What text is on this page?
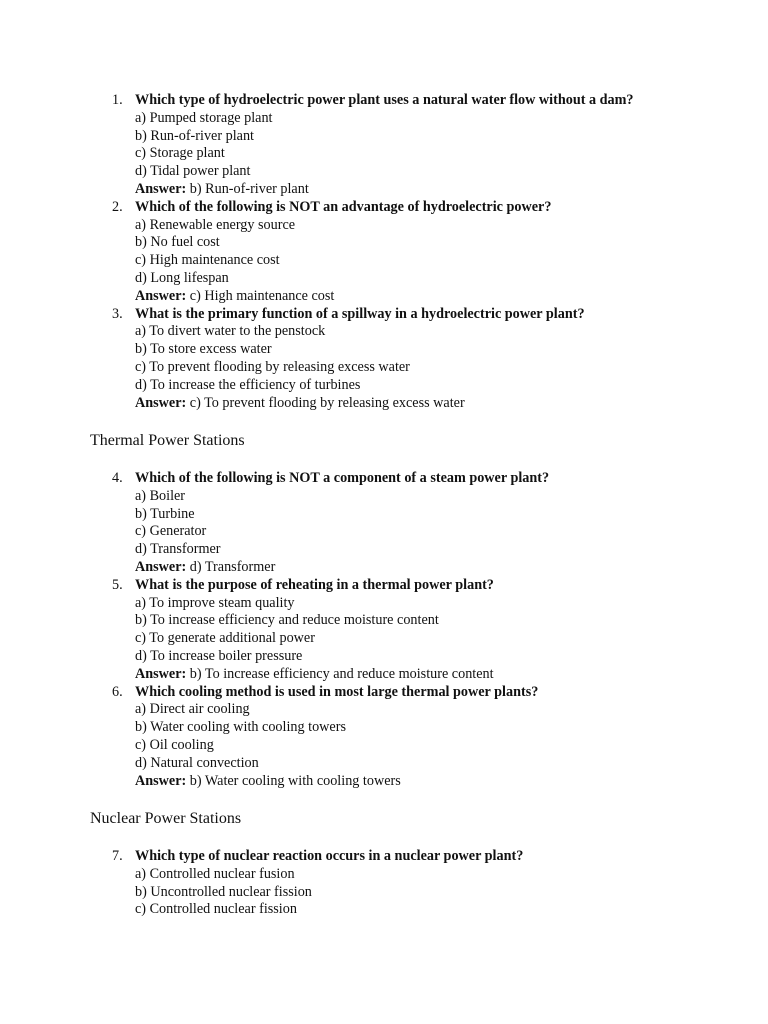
1. Which type of hydroelectric power plant uses a natural water flow without a dam?
a) Pumped storage plant
b) Run-of-river plant
c) Storage plant
d) Tidal power plant
Answer: b) Run-of-river plant
2. Which of the following is NOT an advantage of hydroelectric power?
a) Renewable energy source
b) No fuel cost
c) High maintenance cost
d) Long lifespan
Answer: c) High maintenance cost
3. What is the primary function of a spillway in a hydroelectric power plant?
a) To divert water to the penstock
b) To store excess water
c) To prevent flooding by releasing excess water
d) To increase the efficiency of turbines
Answer: c) To prevent flooding by releasing excess water
Thermal Power Stations
4. Which of the following is NOT a component of a steam power plant?
a) Boiler
b) Turbine
c) Generator
d) Transformer
Answer: d) Transformer
5. What is the purpose of reheating in a thermal power plant?
a) To improve steam quality
b) To increase efficiency and reduce moisture content
c) To generate additional power
d) To increase boiler pressure
Answer: b) To increase efficiency and reduce moisture content
6. Which cooling method is used in most large thermal power plants?
a) Direct air cooling
b) Water cooling with cooling towers
c) Oil cooling
d) Natural convection
Answer: b) Water cooling with cooling towers
Nuclear Power Stations
7. Which type of nuclear reaction occurs in a nuclear power plant?
a) Controlled nuclear fusion
b) Uncontrolled nuclear fission
c) Controlled nuclear fission
